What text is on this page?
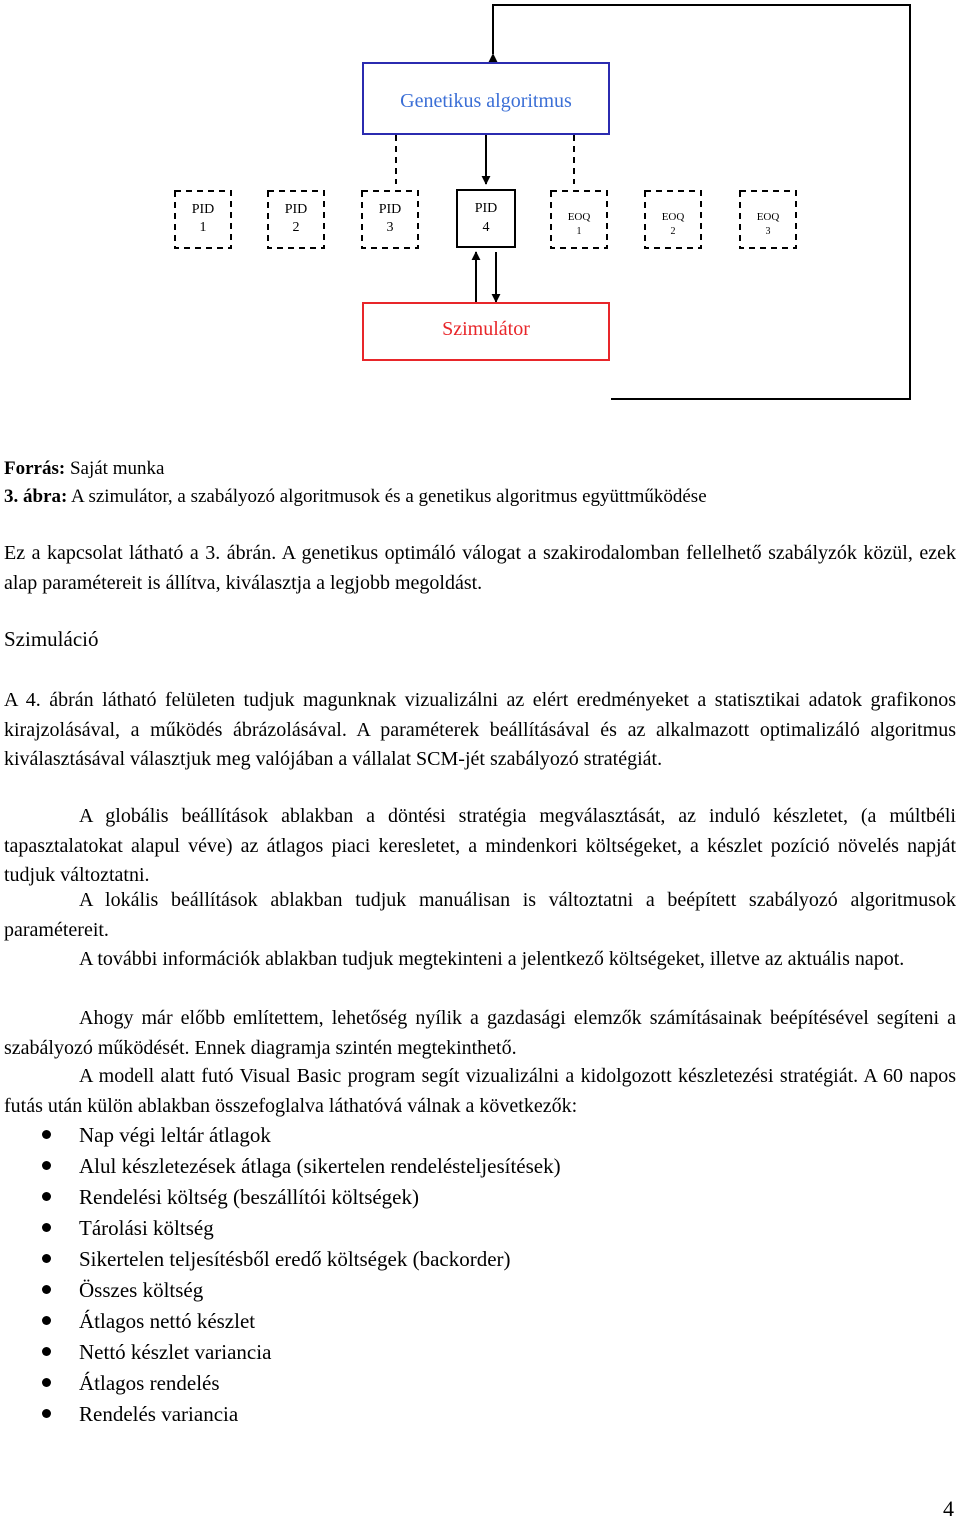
Genetikus algoritmus
PID
1
PID
2
PID
3
PID
4
EOQ
1
EOQ
2
EOQ
3
Szimulátor

Forrás: Saját munka

3. ábra: A szimulátor, a szabályozó algoritmusok és a genetikus algoritmus együttműködése

Ez a kapcsolat látható a 3. ábrán. A genetikus optimáló válogat a szakirodalomban fellelhető szabályzók közül, ezek alap paramétereit is állítva, kiválasztja a legjobb megoldást.

Szimuláció

A 4. ábrán látható felületen tudjuk magunknak vizualizálni az elért eredményeket a statisztikai adatok grafikonos kirajzolásával, a működés ábrázolásával. A paraméterek beállításával és az alkalmazott optimalizáló algoritmus kiválasztásával választjuk meg valójában a vállalat SCM-jét szabályozó stratégiát.

A globális beállítások ablakban a döntési stratégia megválasztását, az induló készletet, (a múltbéli tapasztalatokat alapul véve) az átlagos piaci keresletet, a mindenkori költségeket, a készlet pozíció növelés napját tudjuk változtatni.

A lokális beállítások ablakban tudjuk manuálisan is változtatni a beépített szabályozó algoritmusok paramétereit.

A további információk ablakban tudjuk megtekinteni a jelentkező költségeket, illetve az aktuális napot.

Ahogy már előbb említettem, lehetőség nyílik a gazdasági elemzők számításainak beépítésével segíteni a szabályozó működését. Ennek diagramja szintén megtekinthető.

A modell alatt futó Visual Basic program segít vizualizálni a kidolgozott készletezési stratégiát. A 60 napos futás után külön ablakban összefoglalva láthatóvá válnak a következők:

Nap végi leltár átlagok
Alul készletezések átlaga (sikertelen rendelésteljesítések)
Rendelési költség (beszállítói költségek)
Tárolási költség
Sikertelen teljesítésből eredő költségek (backorder)
Összes költség
Átlagos nettó készlet
Nettó készlet variancia
Átlagos rendelés
Rendelés variancia
4
